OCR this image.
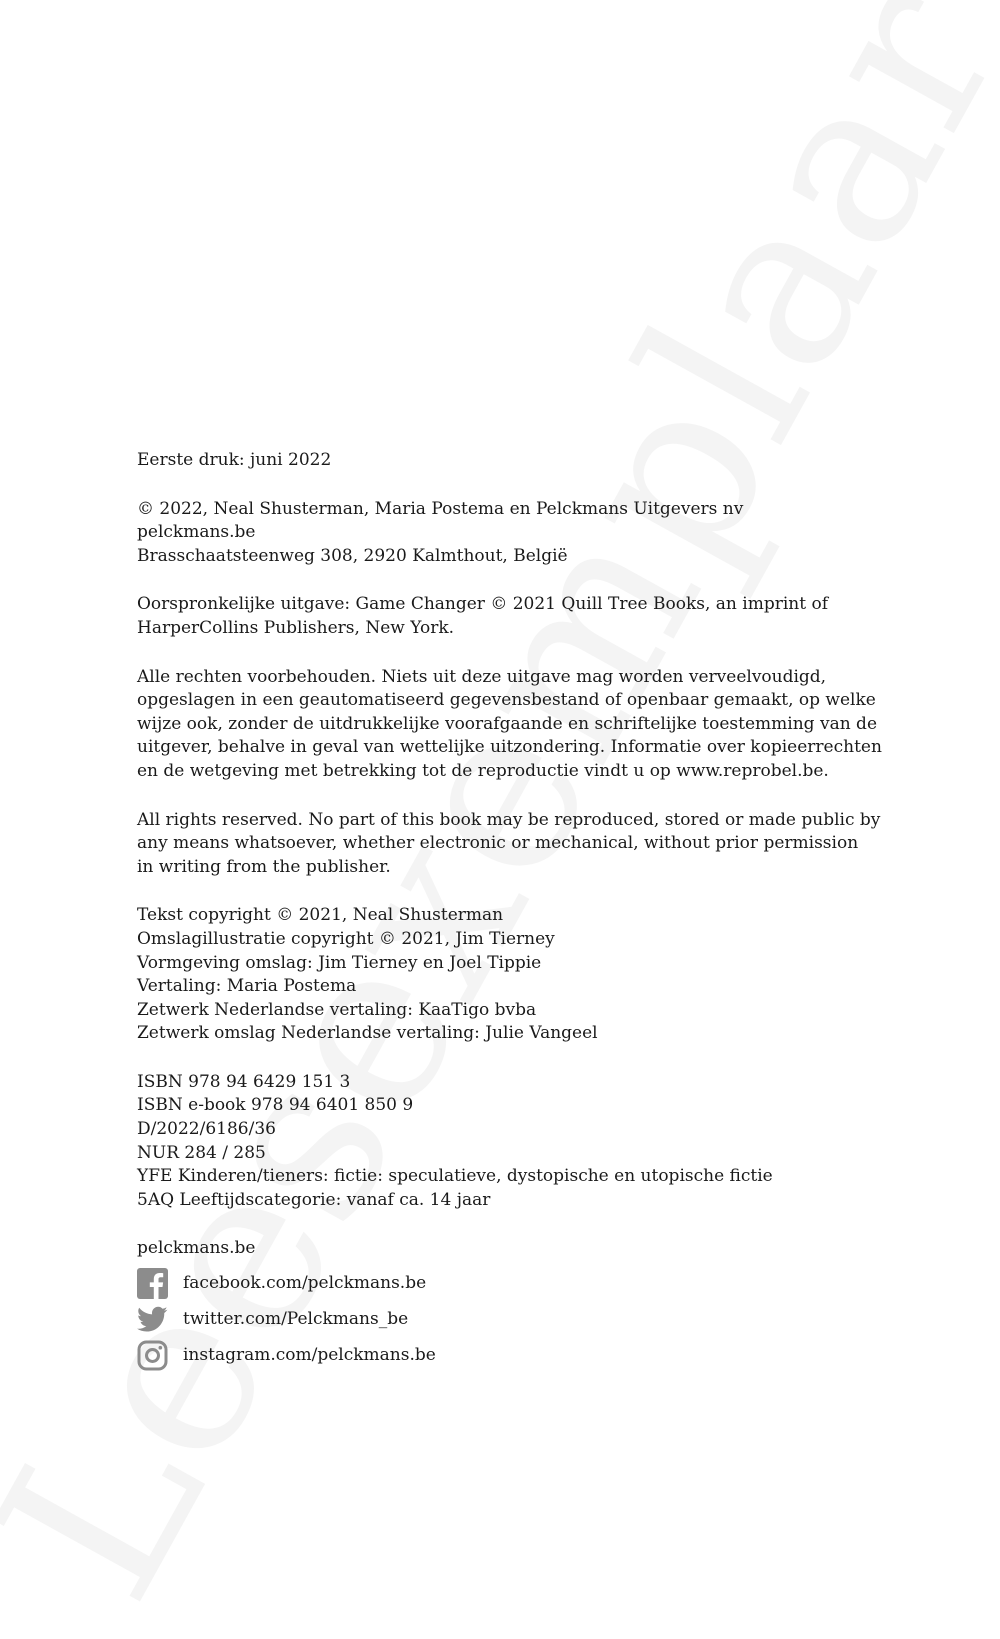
Eerste druk: juni 2022
© 2022, Neal Shusterman, Maria Postema en Pelckmans Uitgevers nv
pelckmans.be
Brasschaatsteenweg 308, 2920 Kalmthout, België
Oorspronkelijke uitgave: Game Changer © 2021 Quill Tree Books, an imprint of
HarperCollins Publishers, New York.
Alle rechten voorbehouden. Niets uit deze uitgave mag worden verveelvoudigd,
opgeslagen in een geautomatiseerd gegevensbestand of openbaar gemaakt, op welke
wijze ook, zonder de uitdrukkelijke voorafgaande en schriftelijke toestemming van de
uitgever, behalve in geval van wettelijke uitzondering. Informatie over kopieerrechten
en de wetgeving met betrekking tot de reproductie vindt u op www.reprobel.be.
All rights reserved. No part of this book may be reproduced, stored or made public by
any means whatsoever, whether electronic or mechanical, without prior permission
in writing from the publisher.
Tekst copyright © 2021, Neal Shusterman
Omslagillustratie copyright © 2021, Jim Tierney
Vormgeving omslag: Jim Tierney en Joel Tippie
Vertaling: Maria Postema
Zetwerk Nederlandse vertaling: KaaTigo bvba
Zetwerk omslag Nederlandse vertaling: Julie Vangeel
ISBN 978 94 6429 151 3
ISBN e-book 978 94 6401 850 9
D/2022/6186/36
NUR 284 / 285
YFE Kinderen/tieners: fictie: speculatieve, dystopische en utopische fictie
5AQ Leeftijdscategorie: vanaf ca. 14 jaar
pelckmans.be
facebook.com/pelckmans.be
twitter.com/Pelckmans_be
instagram.com/pelckmans.be
